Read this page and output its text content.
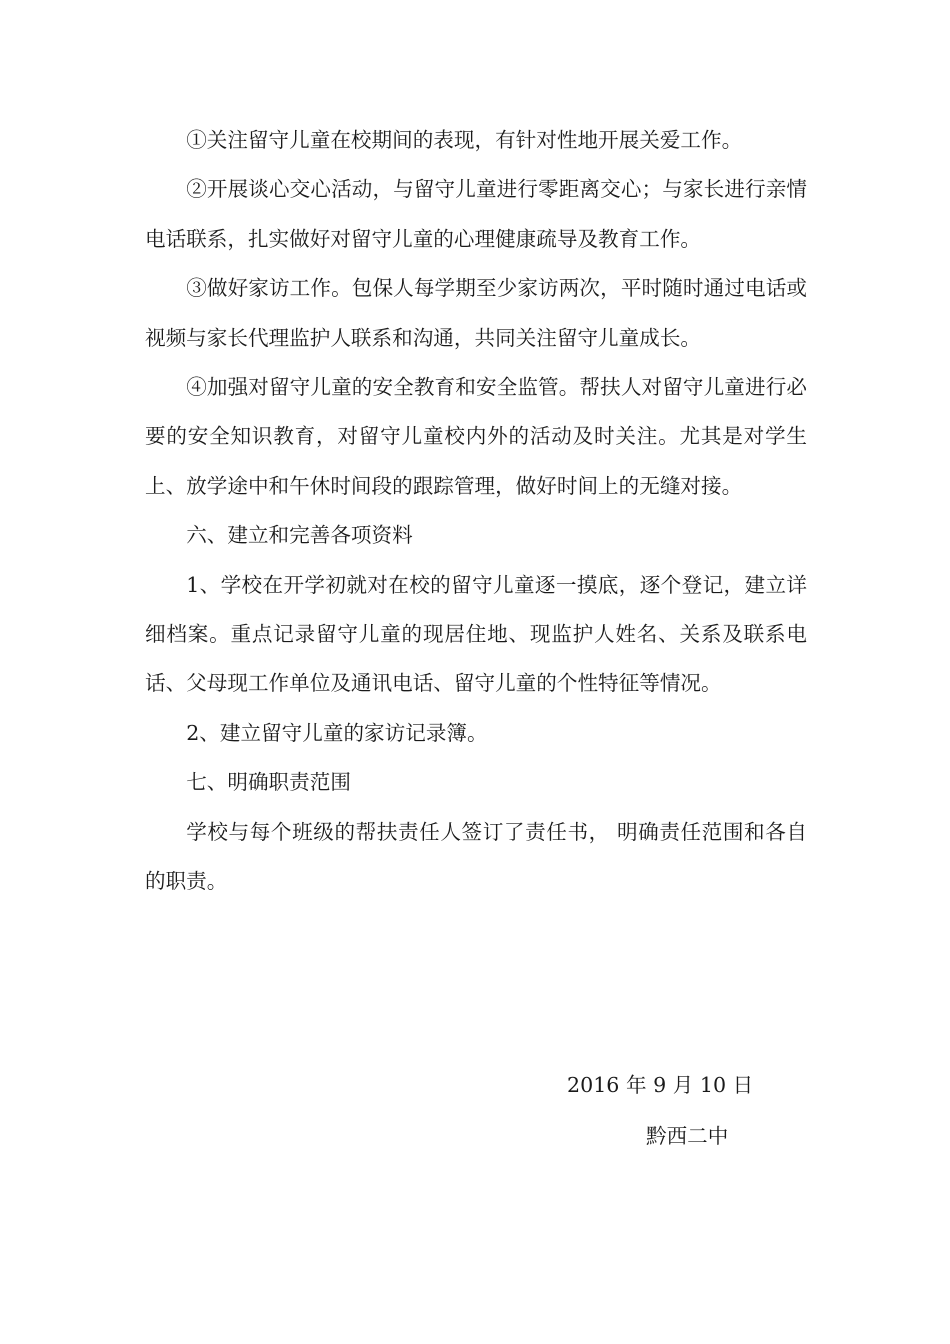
①关注留守儿童在校期间的表现，有针对性地开展关爱工作。

②开展谈心交心活动，与留守儿童进行零距离交心；与家长进行亲情电话联系，扎实做好对留守儿童的心理健康疏导及教育工作。

③做好家访工作。包保人每学期至少家访两次，平时随时通过电话或视频与家长代理监护人联系和沟通，共同关注留守儿童成长。

④加强对留守儿童的安全教育和安全监管。帮扶人对留守儿童进行必要的安全知识教育，对留守儿童校内外的活动及时关注。尤其是对学生上、放学途中和午休时间段的跟踪管理，做好时间上的无缝对接。

六、建立和完善各项资料

1、学校在开学初就对在校的留守儿童逐一摸底，逐个登记，建立详细档案。重点记录留守儿童的现居住地、现监护人姓名、关系及联系电话、父母现工作单位及通讯电话、留守儿童的个性特征等情况。

2、建立留守儿童的家访记录簿。

七、明确职责范围

学校与每个班级的帮扶责任人签订了责任书， 明确责任范围和各自的职责。

2016 年 9 月 10 日
黔西二中
